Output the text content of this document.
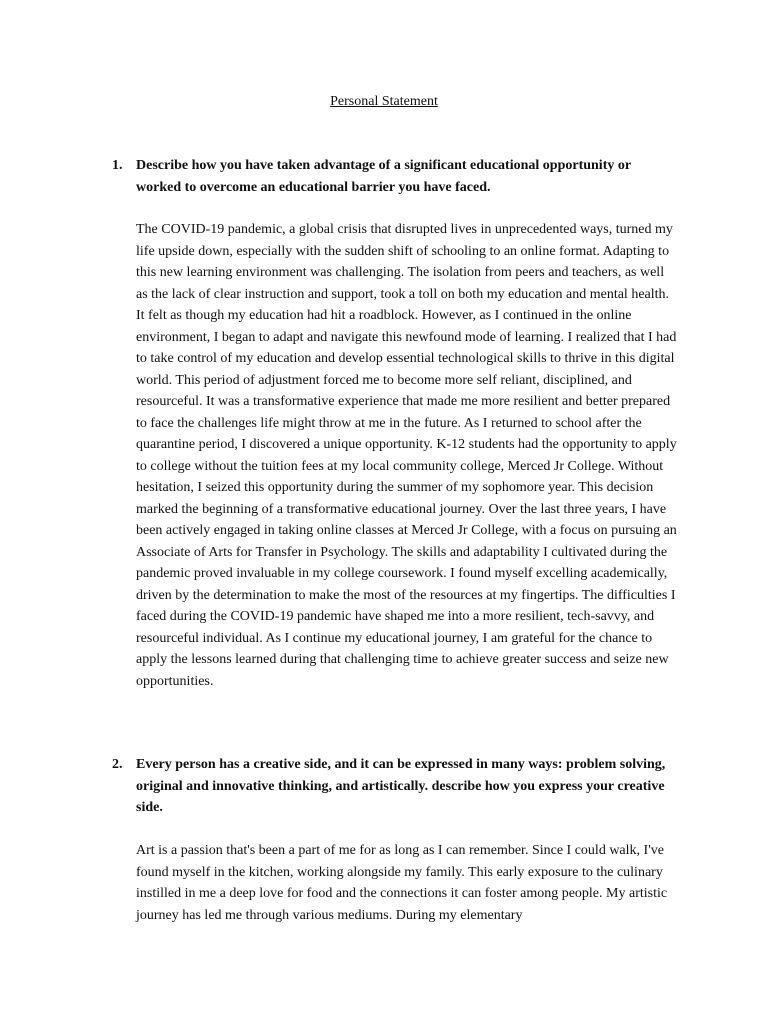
Personal Statement
1. Describe how you have taken advantage of a significant educational opportunity or worked to overcome an educational barrier you have faced.
The COVID-19 pandemic, a global crisis that disrupted lives in unprecedented ways, turned my life upside down, especially with the sudden shift of schooling to an online format. Adapting to this new learning environment was challenging. The isolation from peers and teachers, as well as the lack of clear instruction and support, took a toll on both my education and mental health. It felt as though my education had hit a roadblock. However, as I continued in the online environment, I began to adapt and navigate this newfound mode of learning. I realized that I had to take control of my education and develop essential technological skills to thrive in this digital world. This period of adjustment forced me to become more self reliant, disciplined, and resourceful. It was a transformative experience that made me more resilient and better prepared to face the challenges life might throw at me in the future. As I returned to school after the quarantine period, I discovered a unique opportunity. K-12 students had the opportunity to apply to college without the tuition fees at my local community college, Merced Jr College. Without hesitation, I seized this opportunity during the summer of my sophomore year. This decision marked the beginning of a transformative educational journey. Over the last three years, I have been actively engaged in taking online classes at Merced Jr College, with a focus on pursuing an Associate of Arts for Transfer in Psychology. The skills and adaptability I cultivated during the pandemic proved invaluable in my college coursework. I found myself excelling academically, driven by the determination to make the most of the resources at my fingertips. The difficulties I faced during the COVID-19 pandemic have shaped me into a more resilient, tech-savvy, and resourceful individual. As I continue my educational journey, I am grateful for the chance to apply the lessons learned during that challenging time to achieve greater success and seize new opportunities.
2. Every person has a creative side, and it can be expressed in many ways: problem solving, original and innovative thinking, and artistically. describe how you express your creative side.
Art is a passion that's been a part of me for as long as I can remember. Since I could walk, I've found myself in the kitchen, working alongside my family. This early exposure to the culinary instilled in me a deep love for food and the connections it can foster among people. My artistic journey has led me through various mediums. During my elementary
